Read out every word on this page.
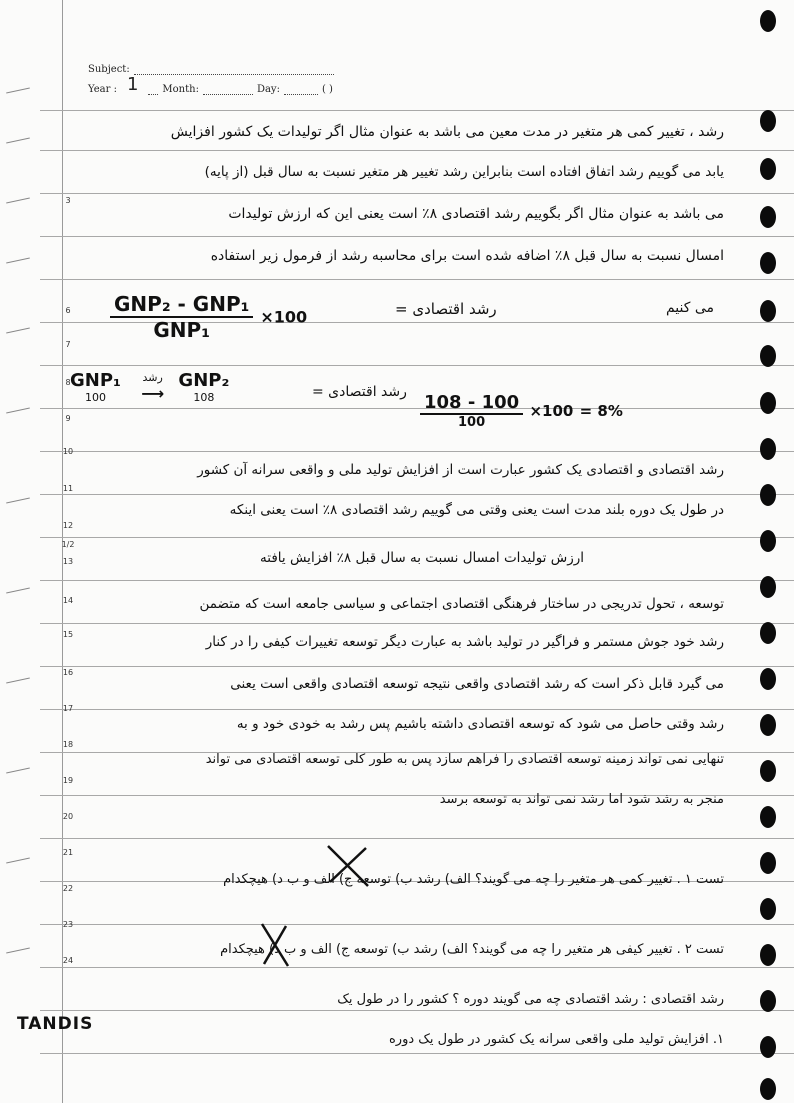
Subject:
Year : 1 Month:	Day:	( )
3
6
7
8
9
10
11
12
1/2
13
14
15
16
17
18
19
20
21
22
23
24
رشد ، تغییر کمی هر متغیر در مدت معین می باشد به عنوان مثال اگر تولیدات یک کشور افزایش
یابد می گوییم رشد اتفاق افتاده است بنابراین رشد تغییر هر متغیر نسبت به سال قبل (از پایه)
می باشد به عنوان مثال اگر بگوییم رشد اقتصادی ۸٪ است یعنی این که ارزش تولیدات
امسال نسبت به سال قبل ۸٪ اضافه شده است برای محاسبه رشد از فرمول زیر استفاده
می کنیم
$\frac{\text{GNP₂ - GNP₁}}{\text{GNP₁}} \times 100$	رشد اقتصادی =
GNP₁
100

رشد
⟶
GNP₂
108	رشد اقتصادی = $\frac{108 - 100}{100} \times 100 = 8\%$
رشد اقتصادی و اقتصادی یک کشور عبارت است از افزایش تولید ملی و واقعی سرانه آن کشور
در طول یک دوره بلند مدت است یعنی وقتی می گوییم رشد اقتصادی ۸٪ است یعنی اینکه
ارزش تولیدات امسال نسبت به سال قبل ۸٪ افزایش یافته
توسعه ، تحول تدریجی در ساختار فرهنگی اقتصادی اجتماعی و سیاسی جامعه است که متضمن
رشد خود جوش مستمر و فراگیر در تولید باشد به عبارت دیگر توسعه تغییرات کیفی را در کنار
می گیرد قابل ذکر است که رشد اقتصادی واقعی نتیجه توسعه اقتصادی واقعی است یعنی
رشد وقتی حاصل می شود که توسعه اقتصادی داشته باشیم پس رشد به خودی خود و به
تنهایی نمی تواند زمینه توسعه اقتصادی را فراهم سازد پس به طور کلی توسعه اقتصادی می تواند
منجر به رشد شود اما رشد نمی تواند به توسعه برسد
تست ۱ . تغییر کمی هر متغیر را چه می گویند؟ الف) رشد ب) توسعه ج) الف و ب د) هیچکدام
تست ۲ . تغییر کیفی هر متغیر را چه می گویند؟ الف) رشد ب) توسعه ج) الف و ب د) هیچکدام
رشد اقتصادی : رشد اقتصادی چه می گویند دوره ؟ کشور را در طول یک
۱. افزایش تولید ملی واقعی سرانه یک کشور در طول یک دوره
TANDIS
